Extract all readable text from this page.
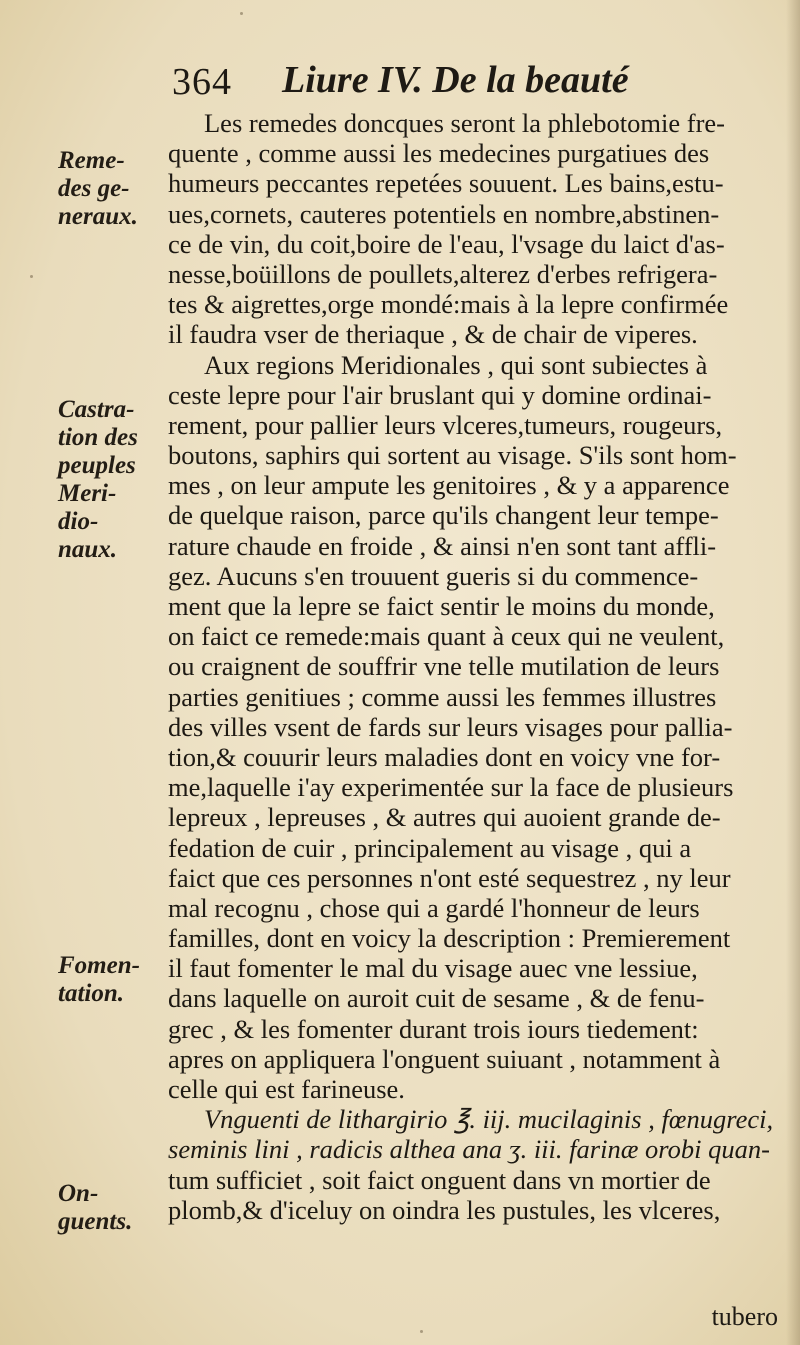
364 Liure IV. De la beauté
Reme-
des ge-
neraux.
Castra-
tion des
peuples
Meri-
dio-
naux.
Fomen-
tation.
On-
guents.
Les remedes doncques seront la phlebotomie fre-
quente , comme aussi les medecines purgatiues des
humeurs peccantes repetées souuent. Les bains,estu-
ues,cornets, cauteres potentiels en nombre,abstinen-
ce de vin, du coit,boire de l'eau, l'vsage du laict d'as-
nesse,boüillons de poullets,alterez d'erbes refrigera-
tes & aigrettes,orge mondé:mais à la lepre confirmée
il faudra vser de theriaque , & de chair de viperes.
Aux regions Meridionales , qui sont subiectes à
ceste lepre pour l'air bruslant qui y domine ordinai-
rement, pour pallier leurs vlceres,tumeurs, rougeurs,
boutons, saphirs qui sortent au visage. S'ils sont hom-
mes , on leur ampute les genitoires , & y a apparence
de quelque raison, parce qu'ils changent leur tempe-
rature chaude en froide , & ainsi n'en sont tant affli-
gez. Aucuns s'en trouuent gueris si du commence-
ment que la lepre se faict sentir le moins du monde,
on faict ce remede:mais quant à ceux qui ne veulent,
ou craignent de souffrir vne telle mutilation de leurs
parties genitiues ; comme aussi les femmes illustres
des villes vsent de fards sur leurs visages pour pallia-
tion,& couurir leurs maladies dont en voicy vne for-
me,laquelle i'ay experimentée sur la face de plusieurs
lepreux , lepreuses , & autres qui auoient grande de-
fedation de cuir , principalement au visage , qui a
faict que ces personnes n'ont esté sequestrez , ny leur
mal recognu , chose qui a gardé l'honneur de leurs
familles, dont en voicy la description : Premierement
il faut fomenter le mal du visage auec vne lessiue,
dans laquelle on auroit cuit de sesame , & de fenu-
grec , & les fomenter durant trois iours tiedement:
apres on appliquera l'onguent suiuant , notamment à
celle qui est farineuse.
Vnguenti de lithargirio ℥. iij. mucilaginis , fœnugreci,
seminis lini , radicis althea ana ʒ. iii. farinæ orobi quan-
tum sufficiet , soit faict onguent dans vn mortier de
plomb,& d'iceluy on oindra les pustules, les vlceres,
tubero
